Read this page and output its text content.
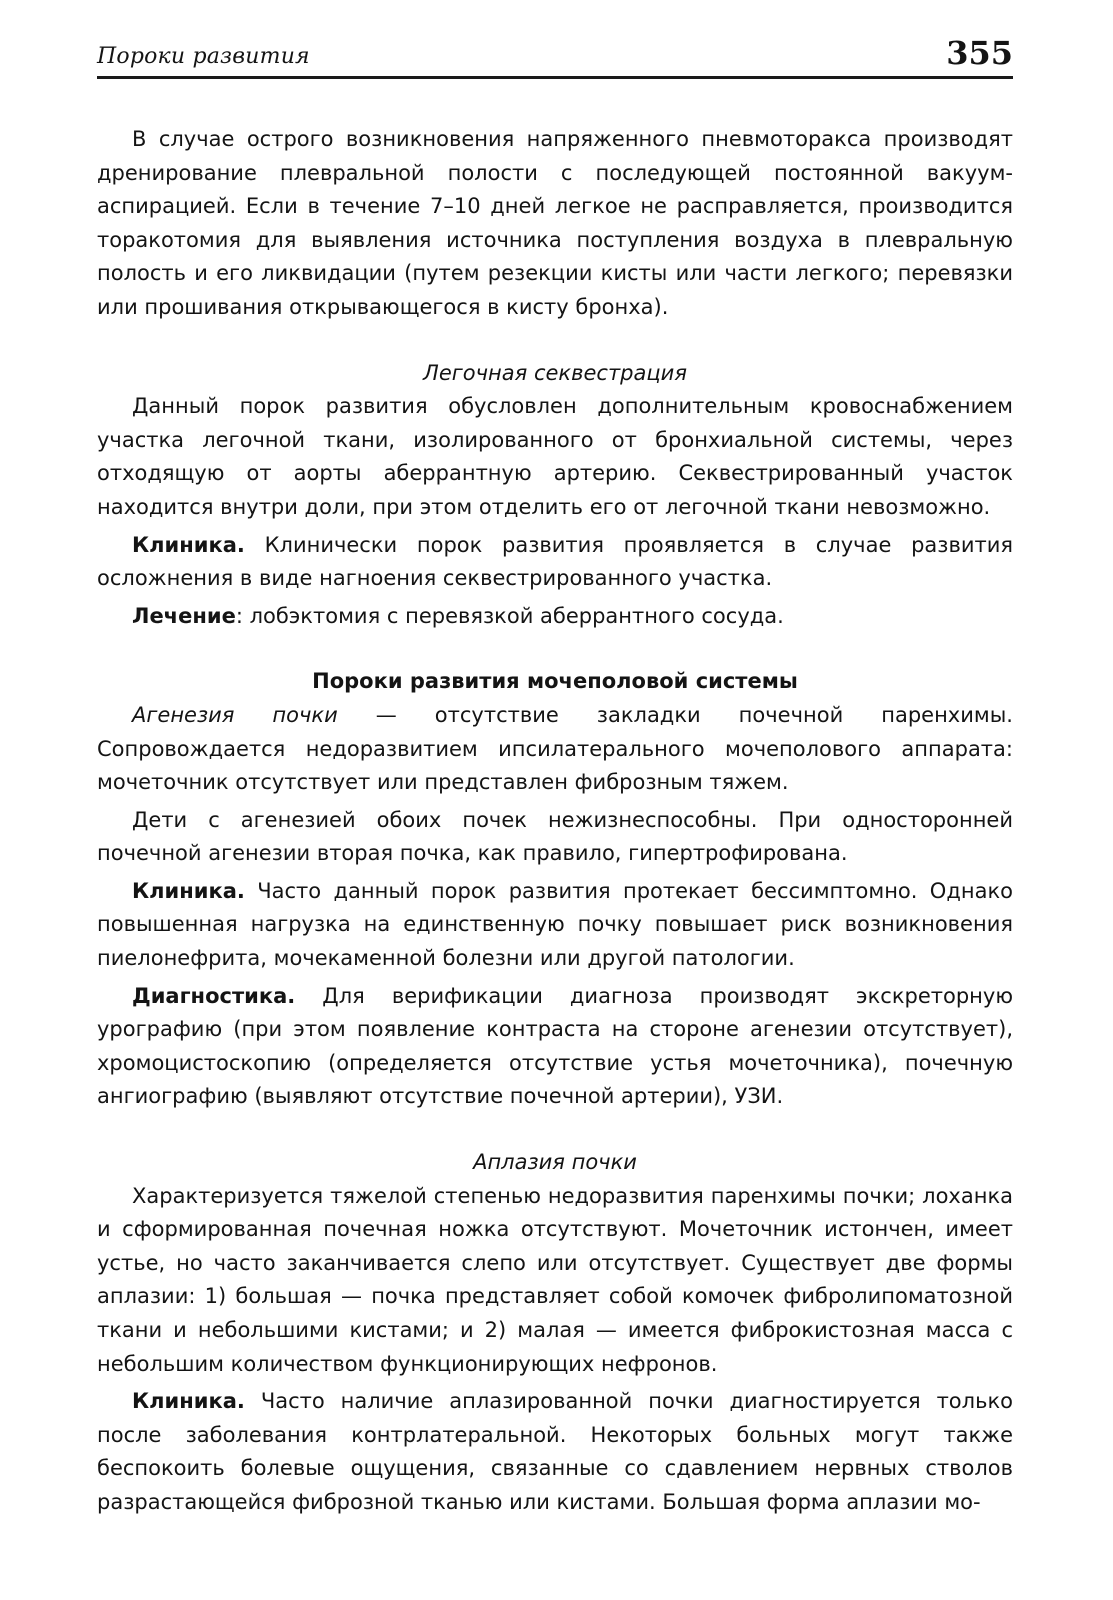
Пороки развития	355

В случае острого возникновения напряженного пневмоторакса производят дренирование плевральной полости с последующей постоянной вакуум-аспирацией. Если в течение 7–10 дней легкое не расправляется, производится торакотомия для выявления источника поступления воздуха в плевральную полость и его ликвидации (путем резекции кисты или части легкого; перевязки или прошивания открывающегося в кисту бронха).

Легочная секвестрация

Данный порок развития обусловлен дополнительным кровоснабжением участка легочной ткани, изолированного от бронхиальной системы, через отходящую от аорты аберрантную артерию. Секвестрированный участок находится внутри доли, при этом отделить его от легочной ткани невозможно.

Клиника. Клинически порок развития проявляется в случае развития осложнения в виде нагноения секвестрированного участка.

Лечение: лобэктомия с перевязкой аберрантного сосуда.

Пороки развития мочеполовой системы

Агенезия почки — отсутствие закладки почечной паренхимы. Сопровождается недоразвитием ипсилатерального мочеполового аппарата: мочеточник отсутствует или представлен фиброзным тяжем.

Дети с агенезией обоих почек нежизнеспособны. При односторонней почечной агенезии вторая почка, как правило, гипертрофирована.

Клиника. Часто данный порок развития протекает бессимптомно. Однако повышенная нагрузка на единственную почку повышает риск возникновения пиелонефрита, мочекаменной болезни или другой патологии.

Диагностика. Для верификации диагноза производят экскреторную урографию (при этом появление контраста на стороне агенезии отсутствует), хромоцистоскопию (определяется отсутствие устья мочеточника), почечную ангиографию (выявляют отсутствие почечной артерии), УЗИ.

Аплазия почки

Характеризуется тяжелой степенью недоразвития паренхимы почки; лоханка и сформированная почечная ножка отсутствуют. Мочеточник истончен, имеет устье, но часто заканчивается слепо или отсутствует. Существует две формы аплазии: 1) большая — почка представляет собой комочек фибролипоматозной ткани и небольшими кистами; и 2) малая — имеется фиброкистозная масса с небольшим количеством функционирующих нефронов.

Клиника. Часто наличие аплазированной почки диагностируется только после заболевания контрлатеральной. Некоторых больных могут также беспокоить болевые ощущения, связанные со сдавлением нервных стволов разрастающейся фиброзной тканью или кистами. Большая форма аплазии мо-
